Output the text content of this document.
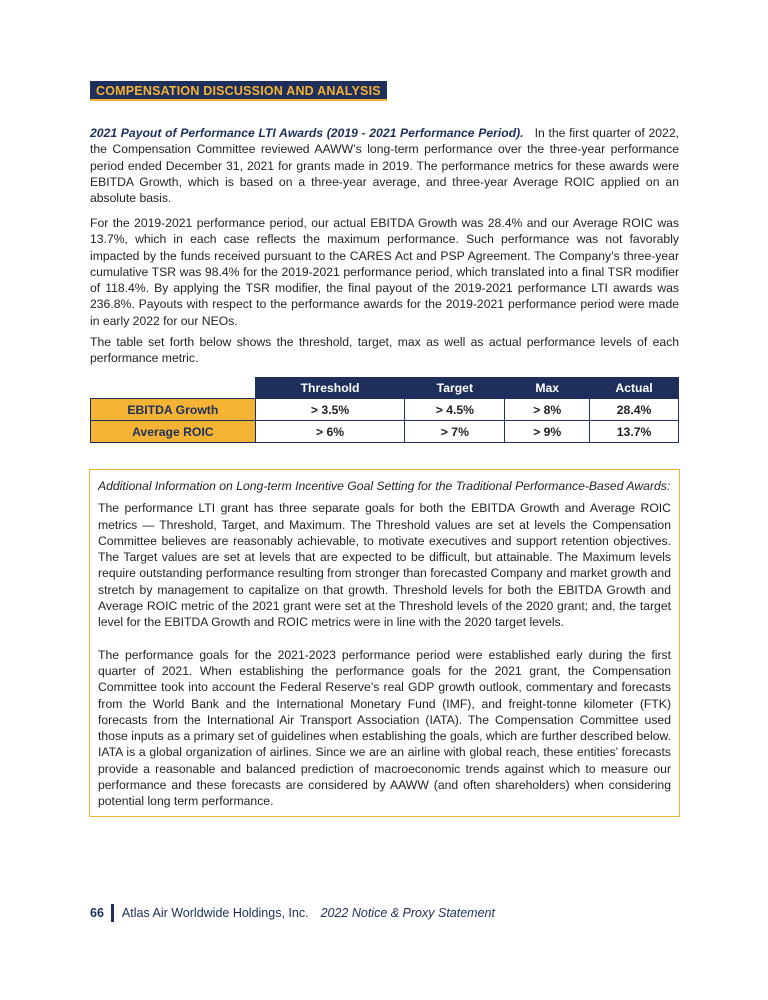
COMPENSATION DISCUSSION AND ANALYSIS

2021 Payout of Performance LTI Awards (2019 - 2021 Performance Period). In the first quarter of 2022, the Compensation Committee reviewed AAWW’s long-term performance over the three-year performance period ended December 31, 2021 for grants made in 2019. The performance metrics for these awards were EBITDA Growth, which is based on a three-year average, and three-year Average ROIC applied on an absolute basis.

For the 2019-2021 performance period, our actual EBITDA Growth was 28.4% and our Average ROIC was 13.7%, which in each case reflects the maximum performance. Such performance was not favorably impacted by the funds received pursuant to the CARES Act and PSP Agreement. The Company’s three-year cumulative TSR was 98.4% for the 2019-2021 performance period, which translated into a final TSR modifier of 118.4%. By applying the TSR modifier, the final payout of the 2019-2021 performance LTI awards was 236.8%. Payouts with respect to the performance awards for the 2019-2021 performance period were made in early 2022 for our NEOs.

The table set forth below shows the threshold, target, max as well as actual performance levels of each performance metric.

	Threshold	Target	Max	Actual
EBITDA Growth	> 3.5%	> 4.5%	> 8%	28.4%
Average ROIC	> 6%	> 7%	> 9%	13.7%

Additional Information on Long-term Incentive Goal Setting for the Traditional Performance-Based Awards:

The performance LTI grant has three separate goals for both the EBITDA Growth and Average ROIC metrics — Threshold, Target, and Maximum. The Threshold values are set at levels the Compensation Committee believes are reasonably achievable, to motivate executives and support retention objectives. The Target values are set at levels that are expected to be difficult, but attainable. The Maximum levels require outstanding performance resulting from stronger than forecasted Company and market growth and stretch by management to capitalize on that growth. Threshold levels for both the EBITDA Growth and Average ROIC metric of the 2021 grant were set at the Threshold levels of the 2020 grant; and, the target level for the EBITDA Growth and ROIC metrics were in line with the 2020 target levels.

The performance goals for the 2021-2023 performance period were established early during the first quarter of 2021. When establishing the performance goals for the 2021 grant, the Compensation Committee took into account the Federal Reserve’s real GDP growth outlook, commentary and forecasts from the World Bank and the International Monetary Fund (IMF), and freight-tonne kilometer (FTK) forecasts from the International Air Transport Association (IATA). The Compensation Committee used those inputs as a primary set of guidelines when establishing the goals, which are further described below. IATA is a global organization of airlines. Since we are an airline with global reach, these entities’ forecasts provide a reasonable and balanced prediction of macroeconomic trends against which to measure our performance and these forecasts are considered by AAWW (and often shareholders) when considering potential long term performance.

66 Atlas Air Worldwide Holdings, Inc. 2022 Notice & Proxy Statement
